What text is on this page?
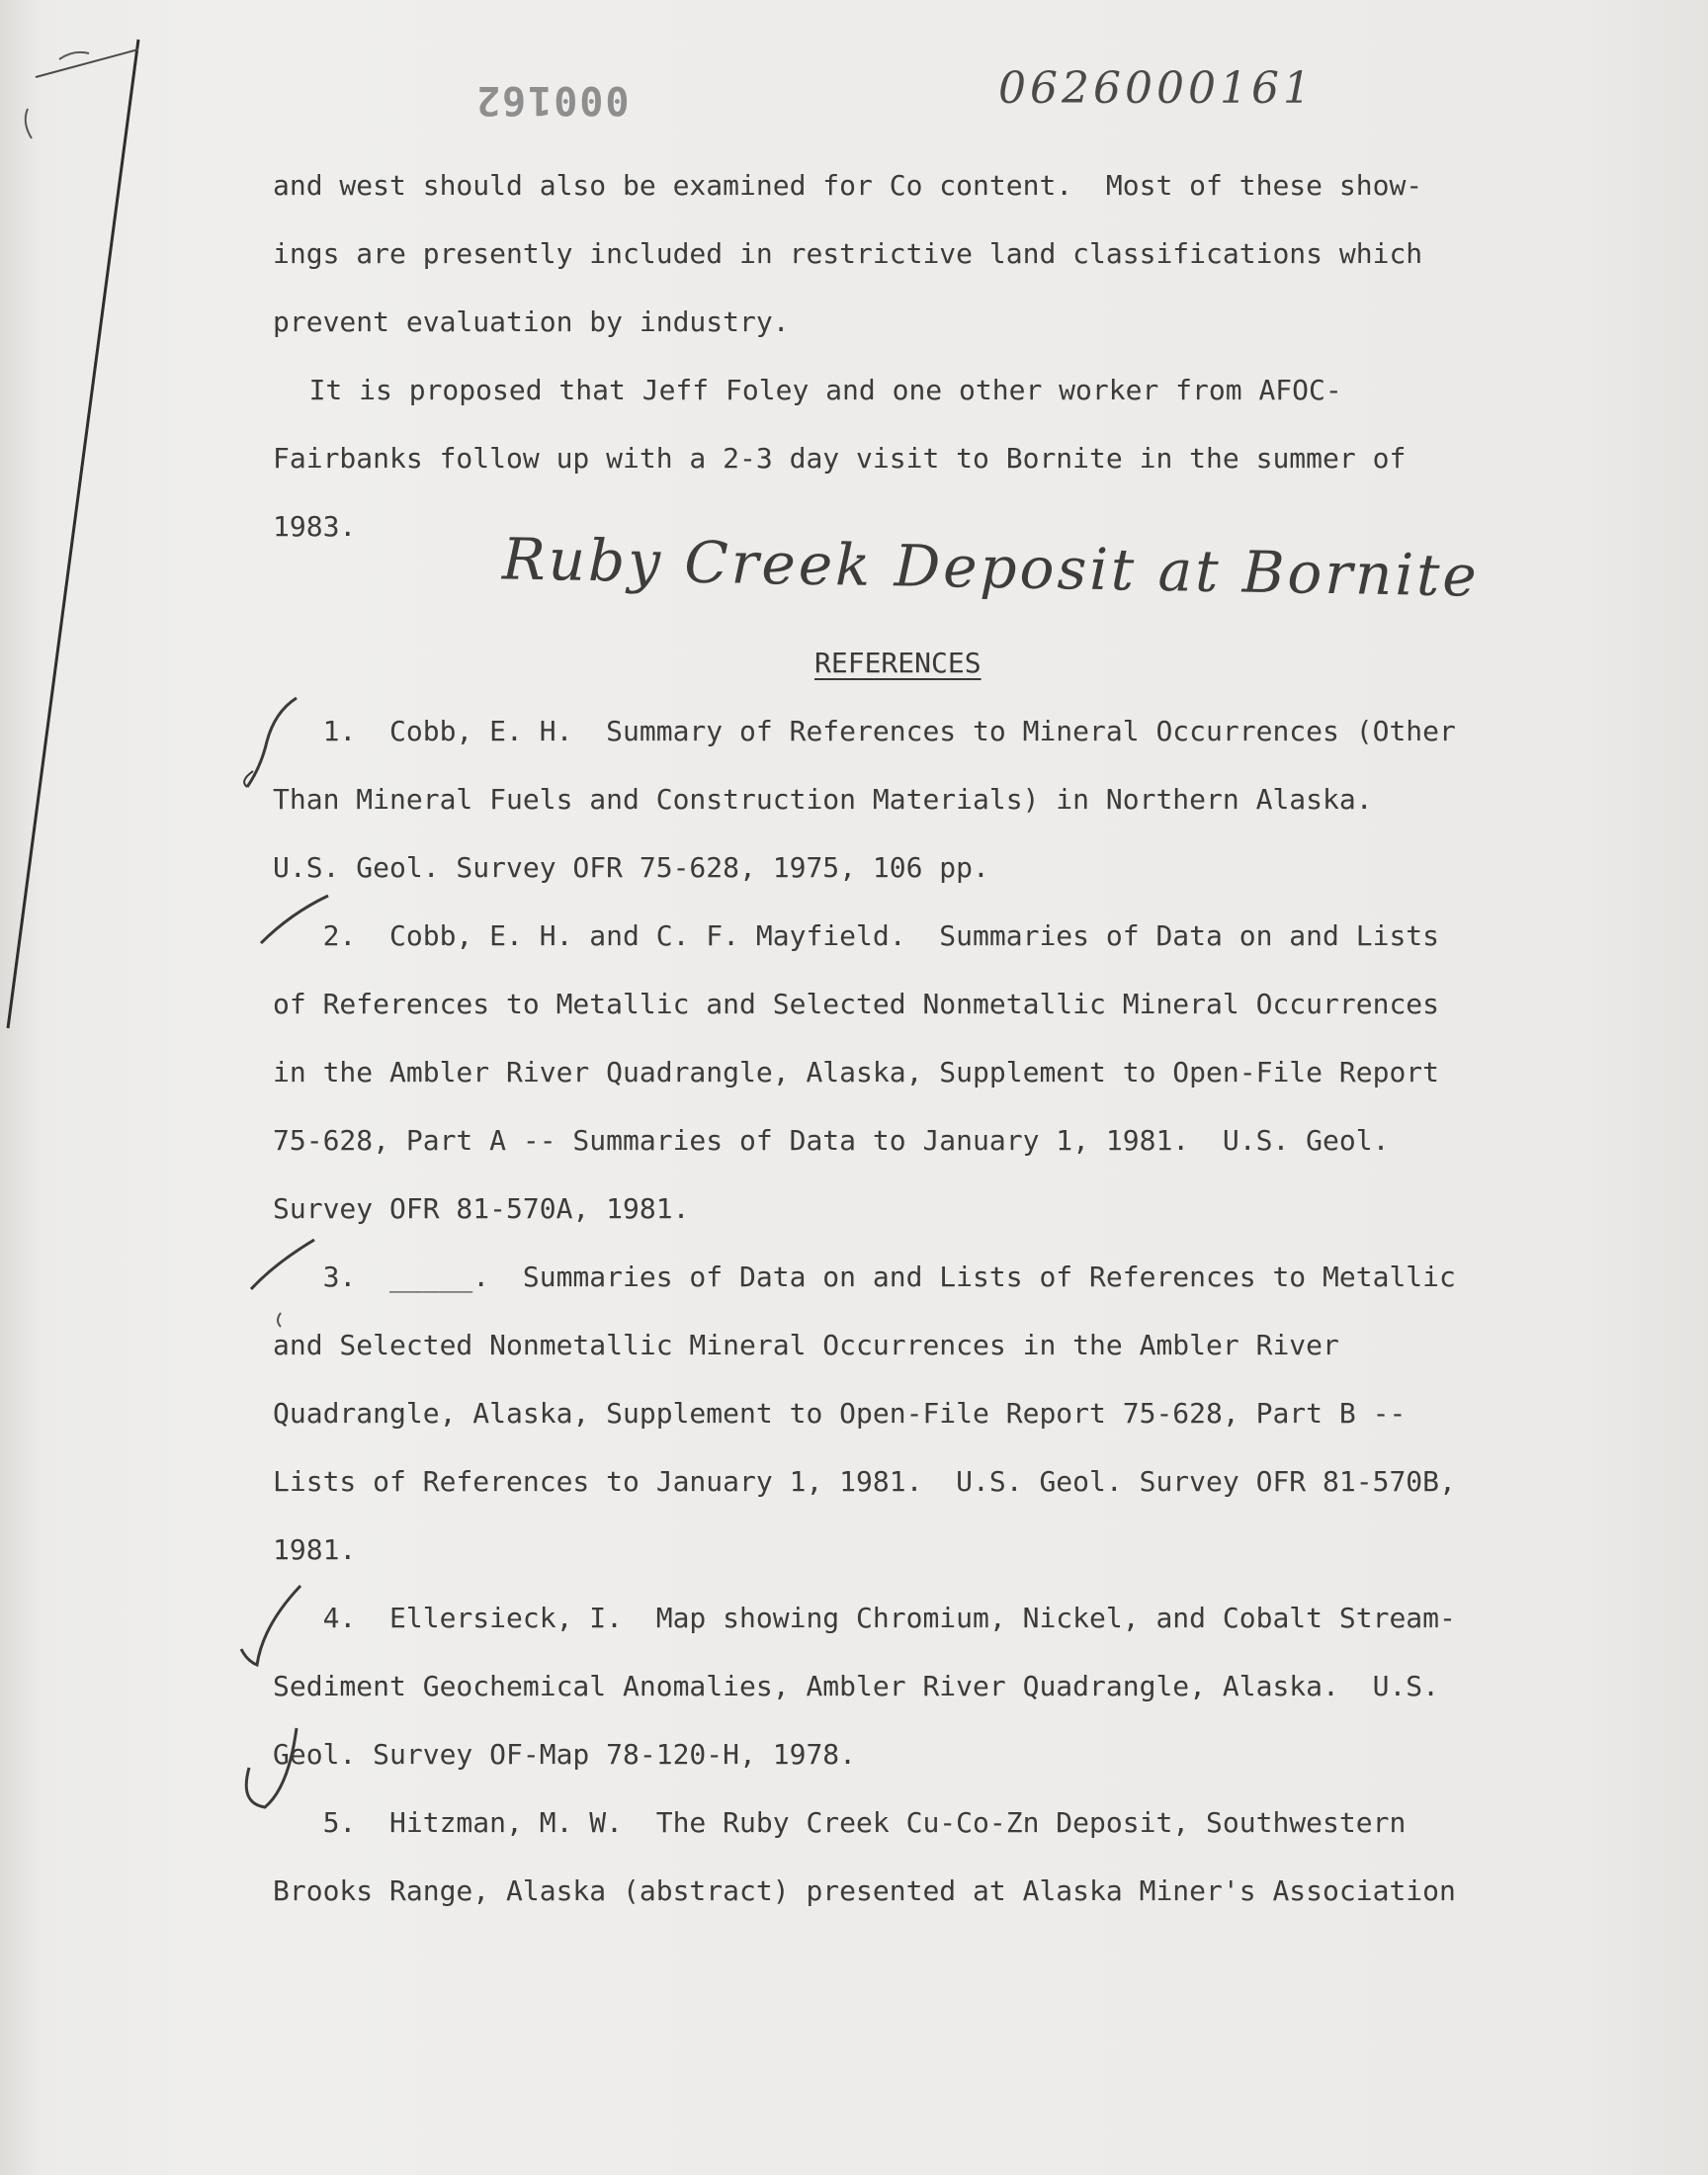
000162	0626000161
and west should also be examined for Co content.  Most of these show-
ings are presently included in restrictive land classifications which
prevent evaluation by industry.
It is proposed that Jeff Foley and one other worker from AFOC-
Fairbanks follow up with a 2-3 day visit to Bornite in the summer of
1983.	Ruby Creek Deposit at Bornite
REFERENCES
1.  Cobb, E. H.  Summary of References to Mineral Occurrences (Other
Than Mineral Fuels and Construction Materials) in Northern Alaska.
U.S. Geol. Survey OFR 75-628, 1975, 106 pp.
2.  Cobb, E. H. and C. F. Mayfield.  Summaries of Data on and Lists
of References to Metallic and Selected Nonmetallic Mineral Occurrences
in the Ambler River Quadrangle, Alaska, Supplement to Open-File Report
75-628, Part A -- Summaries of Data to January 1, 1981.  U.S. Geol.
Survey OFR 81-570A, 1981.
3.  _____.  Summaries of Data on and Lists of References to Metallic
and Selected Nonmetallic Mineral Occurrences in the Ambler River
Quadrangle, Alaska, Supplement to Open-File Report 75-628, Part B --
Lists of References to January 1, 1981.  U.S. Geol. Survey OFR 81-570B,
1981.
4.  Ellersieck, I.  Map showing Chromium, Nickel, and Cobalt Stream-
Sediment Geochemical Anomalies, Ambler River Quadrangle, Alaska.  U.S.
Geol. Survey OF-Map 78-120-H, 1978.
5.  Hitzman, M. W.  The Ruby Creek Cu-Co-Zn Deposit, Southwestern
Brooks Range, Alaska (abstract) presented at Alaska Miner's Association
